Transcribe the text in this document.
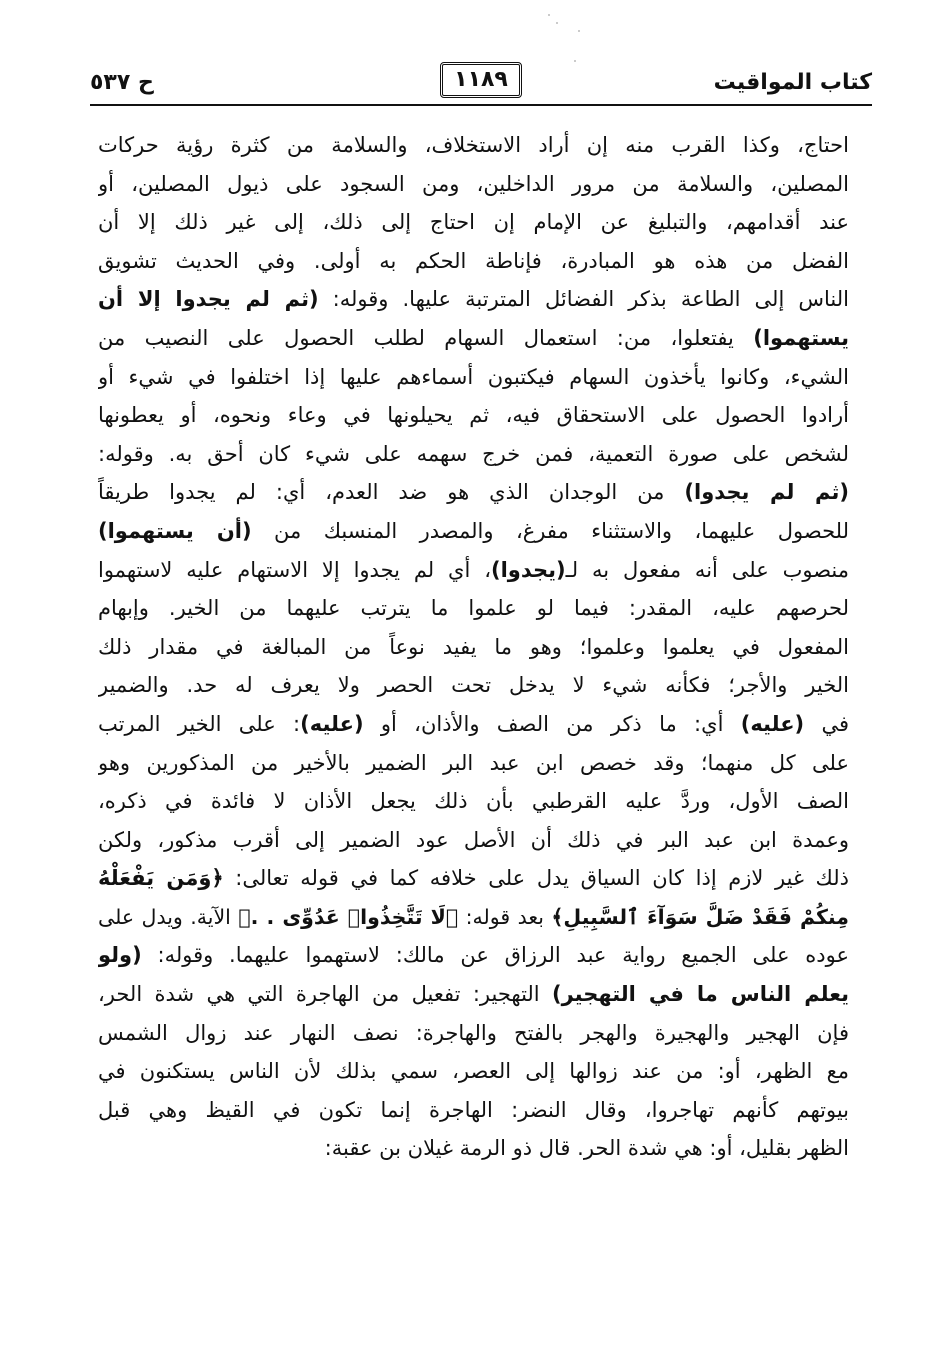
كتاب المواقيت
١١٨٩
ح ٥٣٧
احتاج، وكذا القرب منه إن أراد الاستخلاف، والسلامة من كثرة رؤية حركات
المصلين، والسلامة من مرور الداخلين، ومن السجود على ذيول المصلين، أو
عند أقدامهم، والتبليغ عن الإمام إن احتاج إلى ذلك، إلى غير ذلك إلا أن
الفضل من هذه هو المبادرة، فإناطة الحكم به أولى. وفي الحديث تشويق
الناس إلى الطاعة بذكر الفضائل المترتبة عليها. وقوله: (ثم لم يجدوا إلا أن
يستهموا) يفتعلوا، من: استعمال السهام لطلب الحصول على النصيب من
الشيء، وكانوا يأخذون السهام فيكتبون أسماءهم عليها إذا اختلفوا في شيء أو
أرادوا الحصول على الاستحقاق فيه، ثم يحيلونها في وعاء ونحوه، أو يعطونها
لشخص على صورة التعمية، فمن خرج سهمه على شيء كان أحق به. وقوله:
(ثم لم يجدوا) من الوجدان الذي هو ضد العدم، أي: لم يجدوا طريقاً
للحصول عليهما، والاستثناء مفرغ، والمصدر المنسبك من (أن يستهموا)
منصوب على أنه مفعول به لـ(يجدوا)، أي لم يجدوا إلا الاستهام عليه لاستهموا
لحرصهم عليه، المقدر: فيما لو علموا ما يترتب عليهما من الخير. وإبهام
المفعول في يعلموا وعلموا؛ وهو ما يفيد نوعاً من المبالغة في مقدار ذلك
الخير والأجر؛ فكأنه شيء لا يدخل تحت الحصر ولا يعرف له حد. والضمير
في (عليه) أي: ما ذكر من الصف والأذان، أو (عليه): على الخير المرتب
على كل منهما؛ وقد خصص ابن عبد البر الضمير بالأخير من المذكورين وهو
الصف الأول، وردَّ عليه القرطبي بأن ذلك يجعل الأذان لا فائدة في ذكره،
وعمدة ابن عبد البر في ذلك أن الأصل عود الضمير إلى أقرب مذكور، ولكن
ذلك غير لازم إذا كان السياق يدل على خلافه كما في قوله تعالى: ﴿وَمَن يَفْعَلْهُ
مِنكُمْ فَقَدْ ضَلَّ سَوَآءَ ٱلسَّبِيلِ﴾ بعد قوله: ﴿لَا تَتَّخِذُوا۟ عَدُوِّى . .﴾ الآية. ويدل على
عوده على الجميع رواية عبد الرزاق عن مالك: لاستهموا عليهما. وقوله: (ولو
يعلم الناس ما في التهجير) التهجير: تفعيل من الهاجرة التي هي شدة الحر،
فإن الهجير والهجيرة والهجر بالفتح والهاجرة: نصف النهار عند زوال الشمس
مع الظهر، أو: من عند زوالها إلى العصر، سمي بذلك لأن الناس يستكنون في
بيوتهم كأنهم تهاجروا، وقال النضر: الهاجرة إنما تكون في القيظ وهي قبل
الظهر بقليل، أو: هي شدة الحر. قال ذو الرمة غيلان بن عقبة:
